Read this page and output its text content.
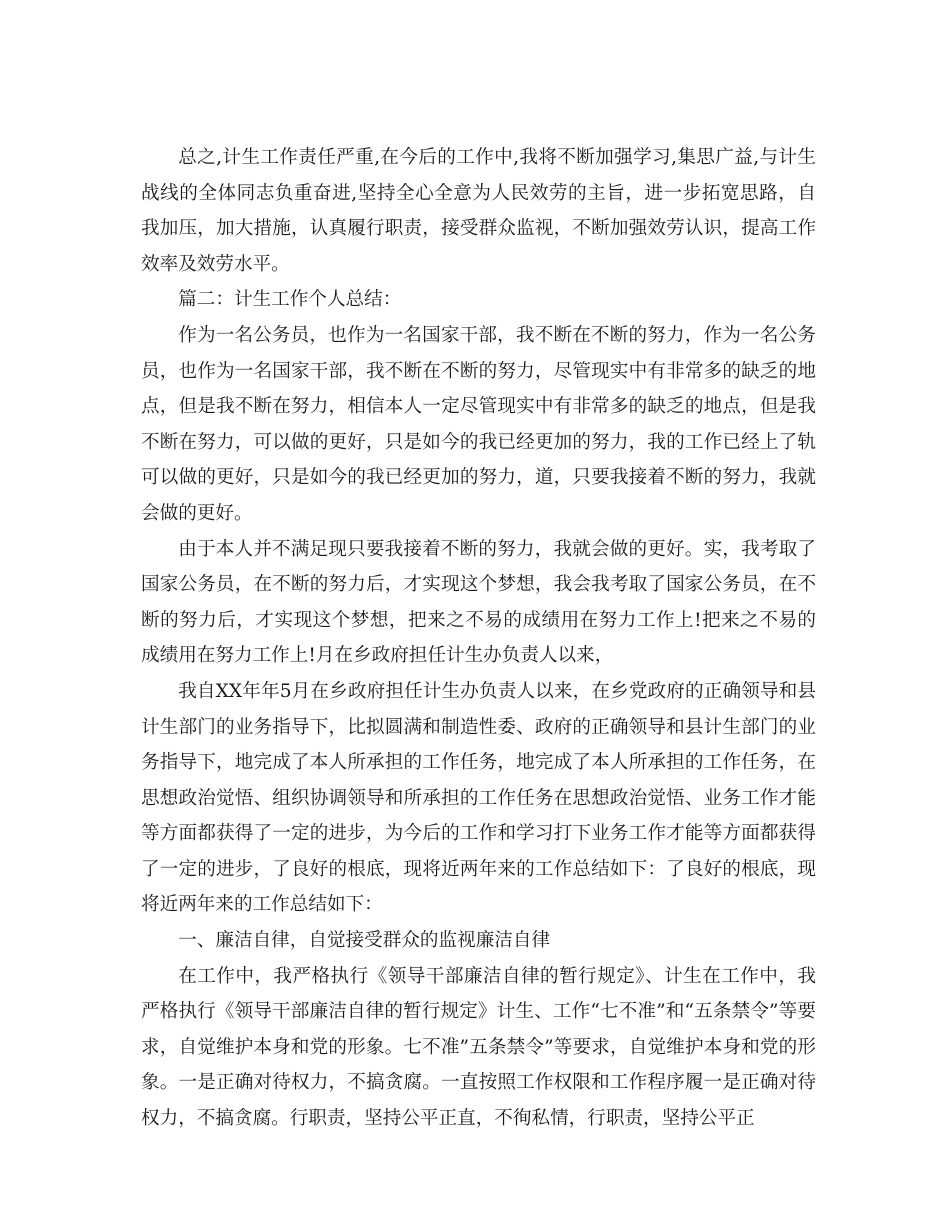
总之,计生工作责任严重,在今后的工作中,我将不断加强学习,集思广益,与计生战线的全体同志负重奋进,坚持全心全意为人民效劳的主旨，进一步拓宽思路，自我加压，加大措施，认真履行职责，接受群众监视，不断加强效劳认识，提高工作效率及效劳水平。

篇二：计生工作个人总结：

作为一名公务员，也作为一名国家干部，我不断在不断的努力，作为一名公务员，也作为一名国家干部，我不断在不断的努力，尽管现实中有非常多的缺乏的地点，但是我不断在努力，相信本人一定尽管现实中有非常多的缺乏的地点，但是我不断在努力，可以做的更好，只是如今的我已经更加的努力，我的工作已经上了轨可以做的更好，只是如今的我已经更加的努力，道，只要我接着不断的努力，我就会做的更好。

由于本人并不满足现只要我接着不断的努力，我就会做的更好。实，我考取了国家公务员，在不断的努力后，才实现这个梦想，我会我考取了国家公务员，在不断的努力后，才实现这个梦想，把来之不易的成绩用在努力工作上!把来之不易的成绩用在努力工作上!月在乡政府担任计生办负责人以来，

我自XX年年5月在乡政府担任计生办负责人以来，在乡党政府的正确领导和县计生部门的业务指导下，比拟圆满和制造性委、政府的正确领导和县计生部门的业务指导下，地完成了本人所承担的工作任务，地完成了本人所承担的工作任务，在思想政治觉悟、组织协调领导和所承担的工作任务在思想政治觉悟、业务工作才能等方面都获得了一定的进步，为今后的工作和学习打下业务工作才能等方面都获得了一定的进步，了良好的根底，现将近两年来的工作总结如下：了良好的根底，现将近两年来的工作总结如下：

一、廉洁自律，自觉接受群众的监视廉洁自律

在工作中，我严格执行《领导干部廉洁自律的暂行规定》、计生在工作中，我严格执行《领导干部廉洁自律的暂行规定》计生、工作“七不准”和“五条禁令”等要求，自觉维护本身和党的形象。七不准”五条禁令”等要求，自觉维护本身和党的形象。一是正确对待权力，不搞贪腐。一直按照工作权限和工作程序履一是正确对待权力，不搞贪腐。行职责，坚持公平正直，不徇私情，行职责，坚持公平正
